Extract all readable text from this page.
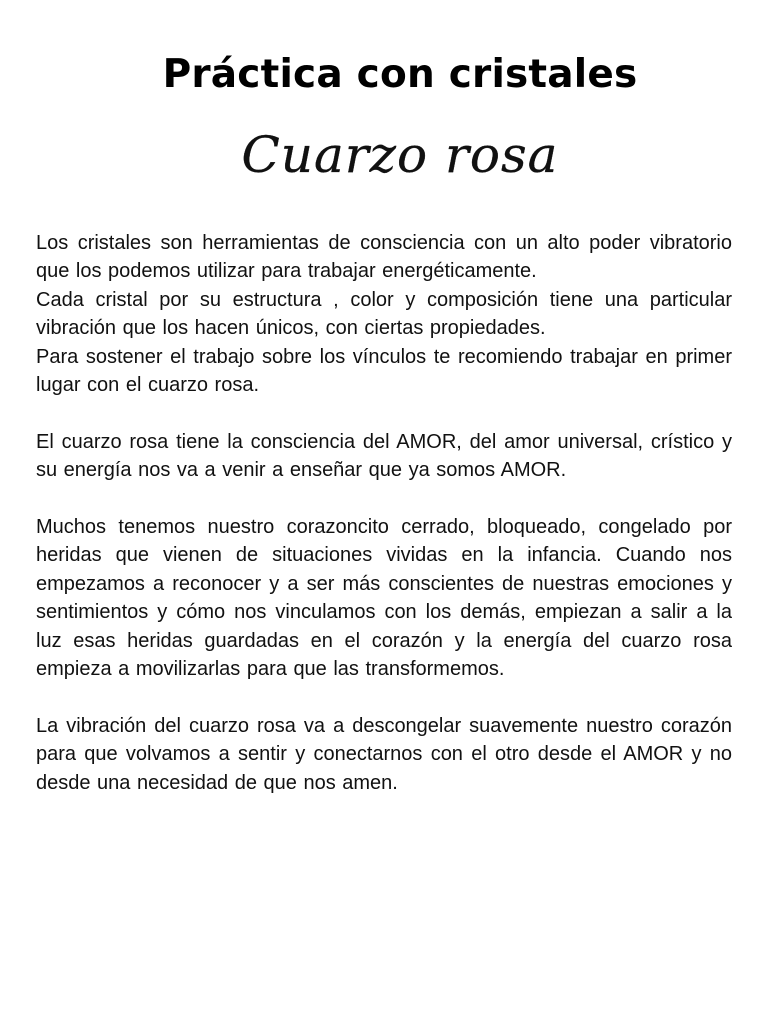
Práctica con cristales
Cuarzo rosa

Los cristales son herramientas de consciencia con un alto poder vibratorio que los podemos utilizar para trabajar energéticamente.

Cada cristal por su estructura , color y composición tiene una particular vibración que los hacen únicos, con ciertas propiedades.

Para sostener el trabajo sobre los vínculos te recomiendo trabajar en primer lugar con el cuarzo rosa.

El cuarzo rosa tiene la consciencia del AMOR, del amor universal, crístico y su energía nos va a venir a enseñar que ya somos AMOR.

Muchos tenemos nuestro corazoncito cerrado, bloqueado, congelado por heridas que vienen de situaciones vividas en la infancia. Cuando nos empezamos a reconocer y a ser más conscientes de nuestras emociones y sentimientos y cómo nos vinculamos con los demás, empiezan a salir a la luz esas heridas guardadas en el corazón y la energía del cuarzo rosa empieza a movilizarlas para que las transformemos.

La vibración del cuarzo rosa va a descongelar suavemente nuestro corazón para que volvamos a sentir y conectarnos con el otro desde el AMOR y no desde una necesidad de que nos amen.
